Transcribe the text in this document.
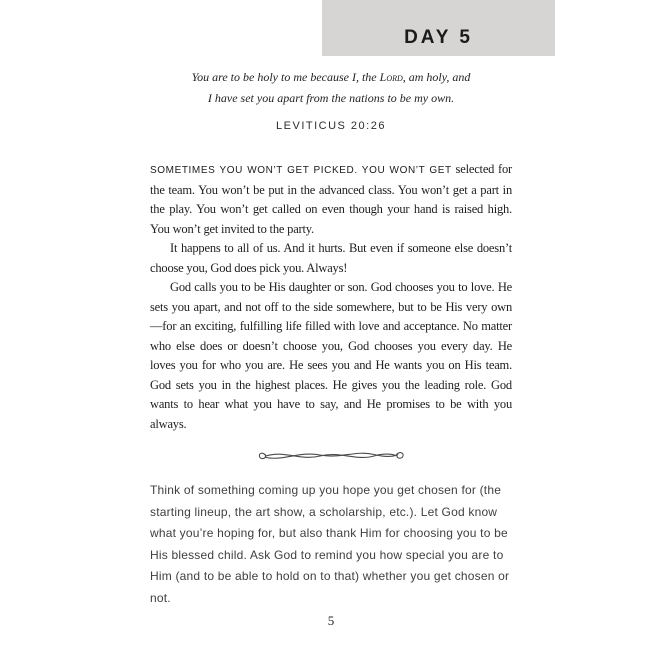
DAY 5
You are to be holy to me because I, the Lord, am holy, and
I have set you apart from the nations to be my own.
LEVITICUS 20:26

SOMETIMES YOU WON’T GET PICKED. YOU WON’T GET selected for the team. You won’t be put in the advanced class. You won’t get a part in the play. You won’t get called on even though your hand is raised high. You won’t get invited to the party.

It happens to all of us. And it hurts. But even if someone else doesn’t choose you, God does pick you. Always!

God calls you to be His daughter or son. God chooses you to love. He sets you apart, and not off to the side somewhere, but to be His very own—for an exciting, fulfilling life filled with love and acceptance. No matter who else does or doesn’t choose you, God chooses you every day. He loves you for who you are. He sees you and He wants you on His team. God sets you in the highest places. He gives you the leading role. God wants to hear what you have to say, and He promises to be with you always.

Think of something coming up you hope you get chosen for (the starting lineup, the art show, a scholarship, etc.). Let God know what you’re hoping for, but also thank Him for choosing you to be His blessed child. Ask God to remind you how special you are to Him (and to be able to hold on to that) whether you get chosen or not.
5
